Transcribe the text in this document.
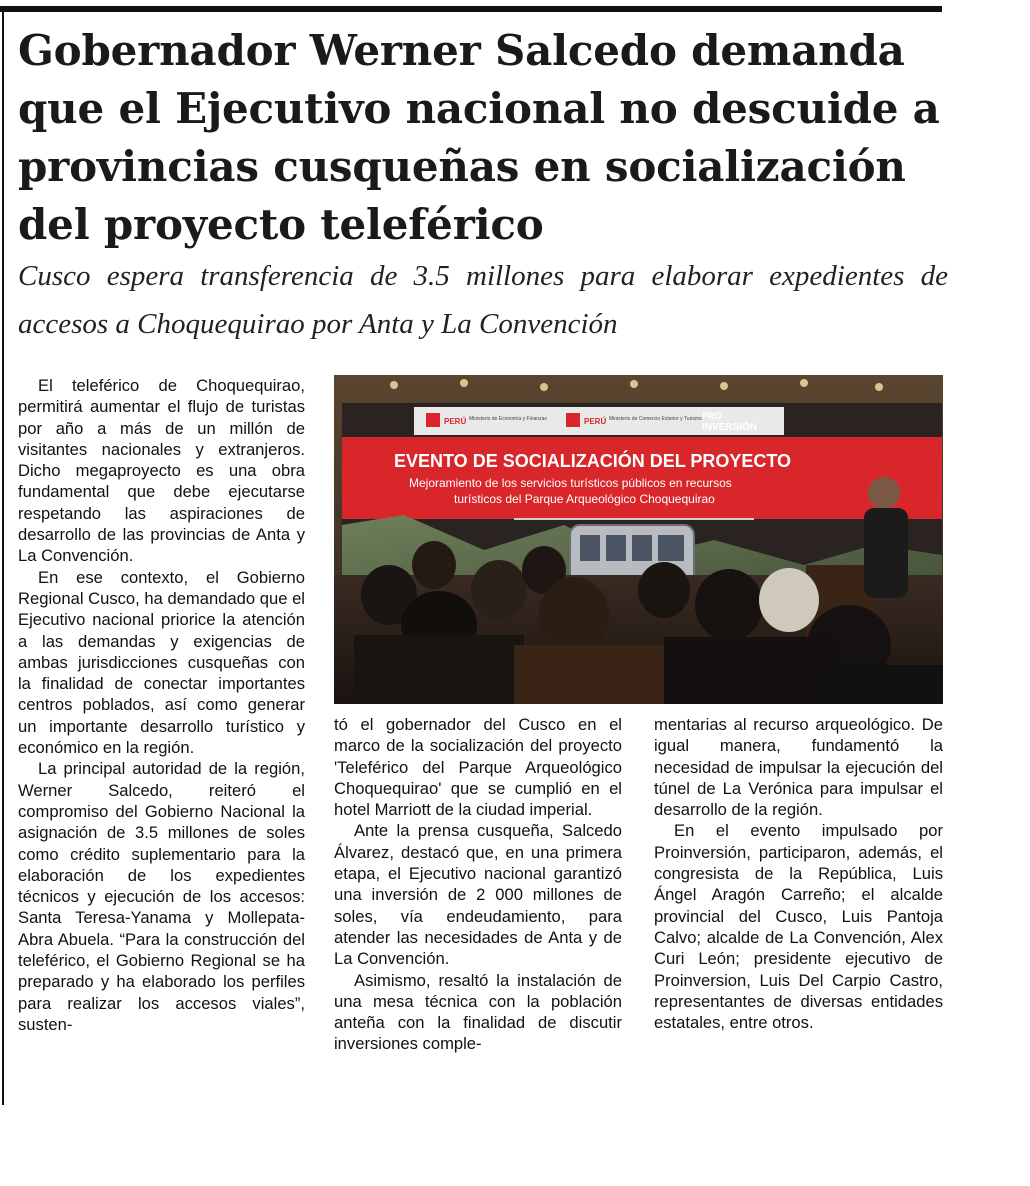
Gobernador Werner Salcedo demanda que el Ejecutivo nacional no descuide a provincias cusqueñas en socialización del proyecto teleférico

Cusco espera transferencia de 3.5 millones para elaborar expedientes de accesos a Choquequirao por Anta y La Convención

El teleférico de Choquequirao, permitirá aumentar el flujo de turistas por año a más de un millón de visitantes nacionales y extranjeros. Dicho megaproyecto es una obra fundamental que debe ejecutarse respetando las aspiraciones de desarrollo de las provincias de Anta y La Convención.

En ese contexto, el Gobierno Regional Cusco, ha demandado que el Ejecutivo nacional priorice la atención a las demandas y exigencias de ambas jurisdicciones cusqueñas con la finalidad de conectar importantes centros poblados, así como generar un importante desarrollo turístico y económico en la región.

La principal autoridad de la región, Werner Salcedo, reiteró el compromiso del Gobierno Nacional la asignación de 3.5 millones de soles como crédito suplementario para la elaboración de los expedientes técnicos y ejecución de los accesos: Santa Teresa-Yanama y Mollepata-Abra Abuela. “Para la construcción del teleférico, el Gobierno Regional se ha preparado y ha elaborado los perfiles para realizar los accesos viales”, susten-

PERÚ Ministerio de Economía y Finanzas	PERÚ Ministerio de Comercio Exterior y Turismo PRO
INVERSIÓN
EVENTO DE SOCIALIZACIÓN DEL PROYECTO
Mejoramiento de los servicios turísticos públicos en recursos
turísticos del Parque Arqueológico Choquequirao

tó el gobernador del Cusco en el marco de la socialización del proyecto 'Teleférico del Parque Arqueológico Choquequirao' que se cumplió en el hotel Marriott de la ciudad imperial.

Ante la prensa cusqueña, Salcedo Álvarez, destacó que, en una primera etapa, el Ejecutivo nacional garantizó una inversión de 2 000 millones de soles, vía endeudamiento, para atender las necesidades de Anta y de La Convención.

Asimismo, resaltó la instalación de una mesa técnica con la población anteña con la finalidad de discutir inversiones comple-

mentarias al recurso arqueológico. De igual manera, fundamentó la necesidad de impulsar la ejecución del túnel de La Verónica para impulsar el desarrollo de la región.

En el evento impulsado por Proinversión, participaron, además, el congresista de la República, Luis Ángel Aragón Carreño; el alcalde provincial del Cusco, Luis Pantoja Calvo; alcalde de La Convención, Alex Curi León; presidente ejecutivo de Proinversion, Luis Del Carpio Castro, representantes de diversas entidades estatales, entre otros.
